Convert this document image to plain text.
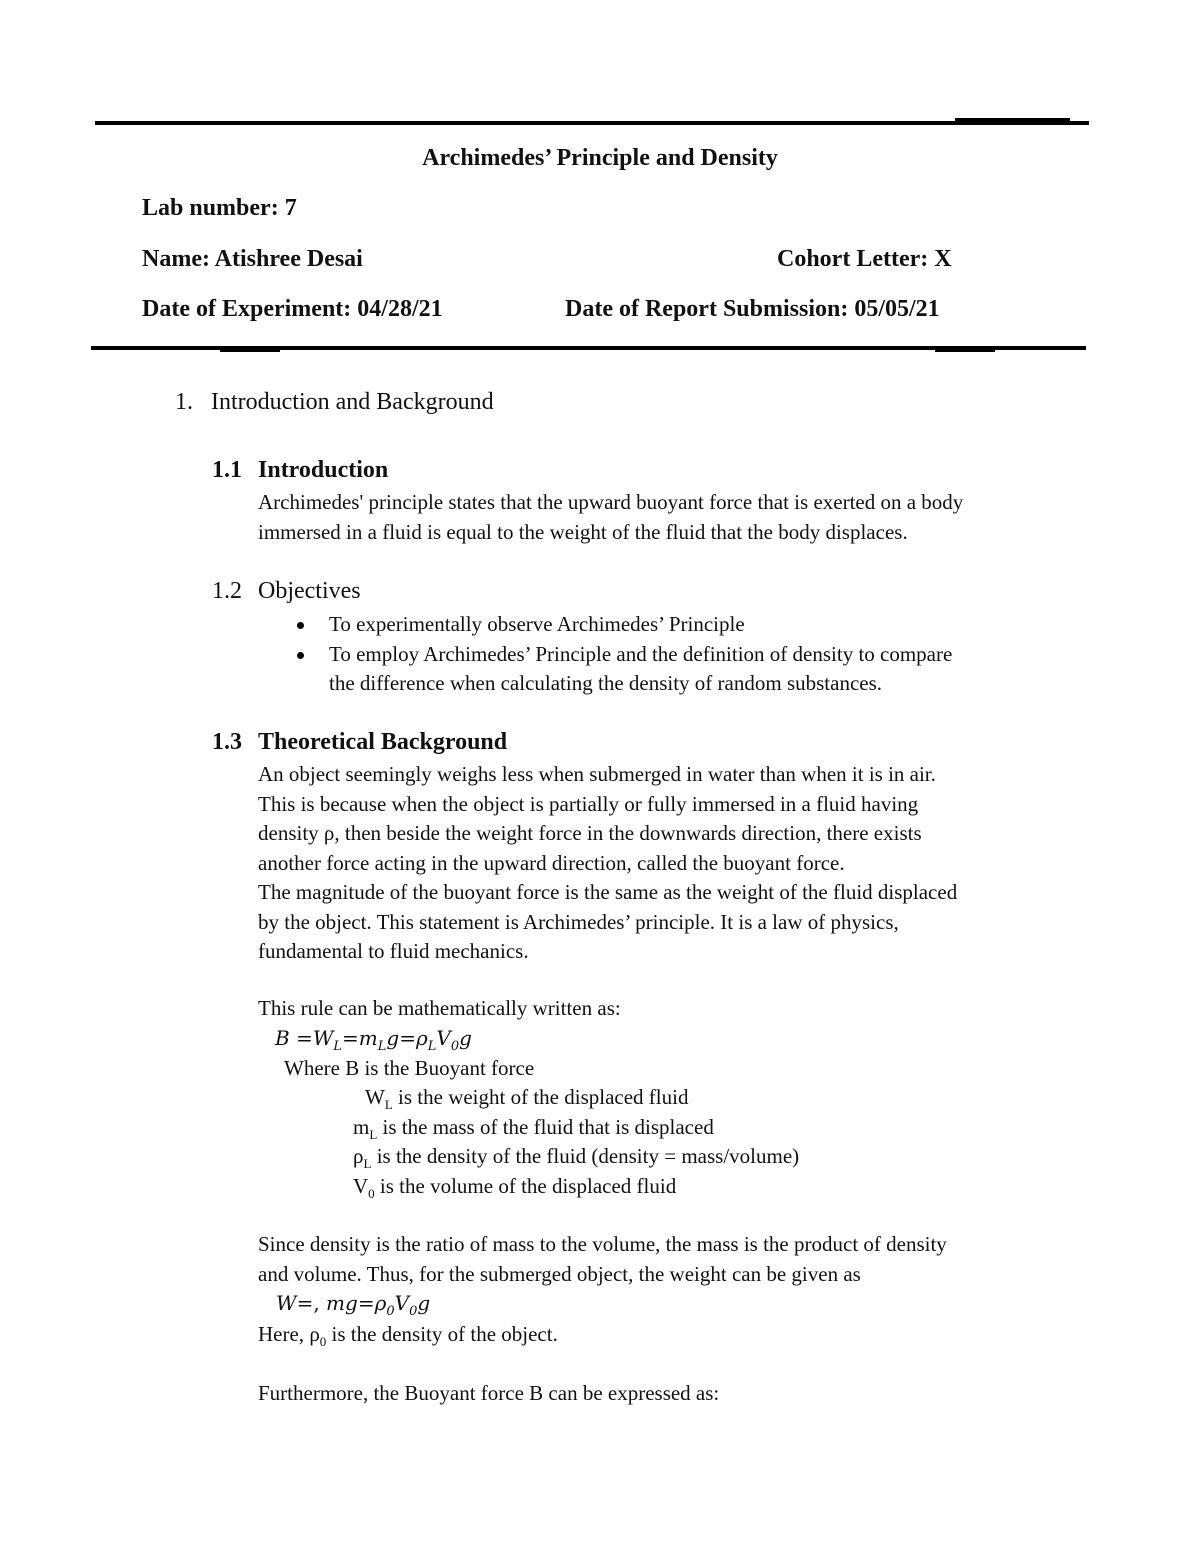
Archimedes’ Principle and Density
Lab number: 7
Name: Atishree Desai	Cohort Letter: X
Date of Experiment: 04/28/21	Date of Report Submission: 05/05/21
1. Introduction and Background
1.1 Introduction
Archimedes' principle states that the upward buoyant force that is exerted on a body
immersed in a fluid is equal to the weight of the fluid that the body displaces.
1.2 Objectives
To experimentally observe Archimedes’ Principle
To employ Archimedes’ Principle and the definition of density to compare
the difference when calculating the density of random substances.
1.3 Theoretical Background
An object seemingly weighs less when submerged in water than when it is in air.
This is because when the object is partially or fully immersed in a fluid having
density ρ, then beside the weight force in the downwards direction, there exists
another force acting in the upward direction, called the buoyant force.
The magnitude of the buoyant force is the same as the weight of the fluid displaced
by the object. This statement is Archimedes’ principle. It is a law of physics,
fundamental to fluid mechanics.
This rule can be mathematically written as:
$B =W_L=m_Lg=\rho_LV_0g$
Where B is the Buoyant force
$W_L$ is the weight of the displaced fluid
$m_L$ is the mass of the fluid that is displaced
$\rho_L$ is the density of the fluid (density = mass/volume)
$V_0$ is the volume of the displaced fluid
Since density is the ratio of mass to the volume, the mass is the product of density
and volume. Thus, for the submerged object, the weight can be given as
W=, $mg=\rho_0V_0g$
Here, $\rho_0$ is the density of the object.
Furthermore, the Buoyant force B can be expressed as:
